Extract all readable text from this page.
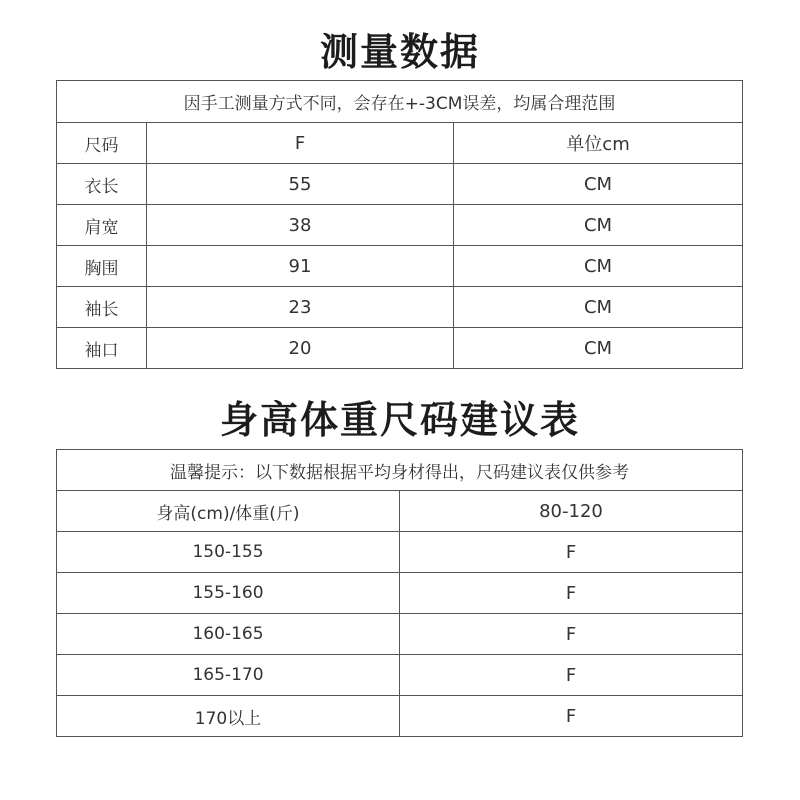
测量数据
因手工测量方式不同，会存在+-3CM误差，均属合理范围		
尺码	F	单位cm
衣长	55	CM
肩宽	38	CM
胸围	91	CM
袖长	23	CM
袖口	20	CM
身高体重尺码建议表
温馨提示：以下数据根据平均身材得出，尺码建议表仅供参考	
身高(cm)/体重(斤)	80-120
150-155	F
155-160	F
160-165	F
165-170	F
170以上	F
